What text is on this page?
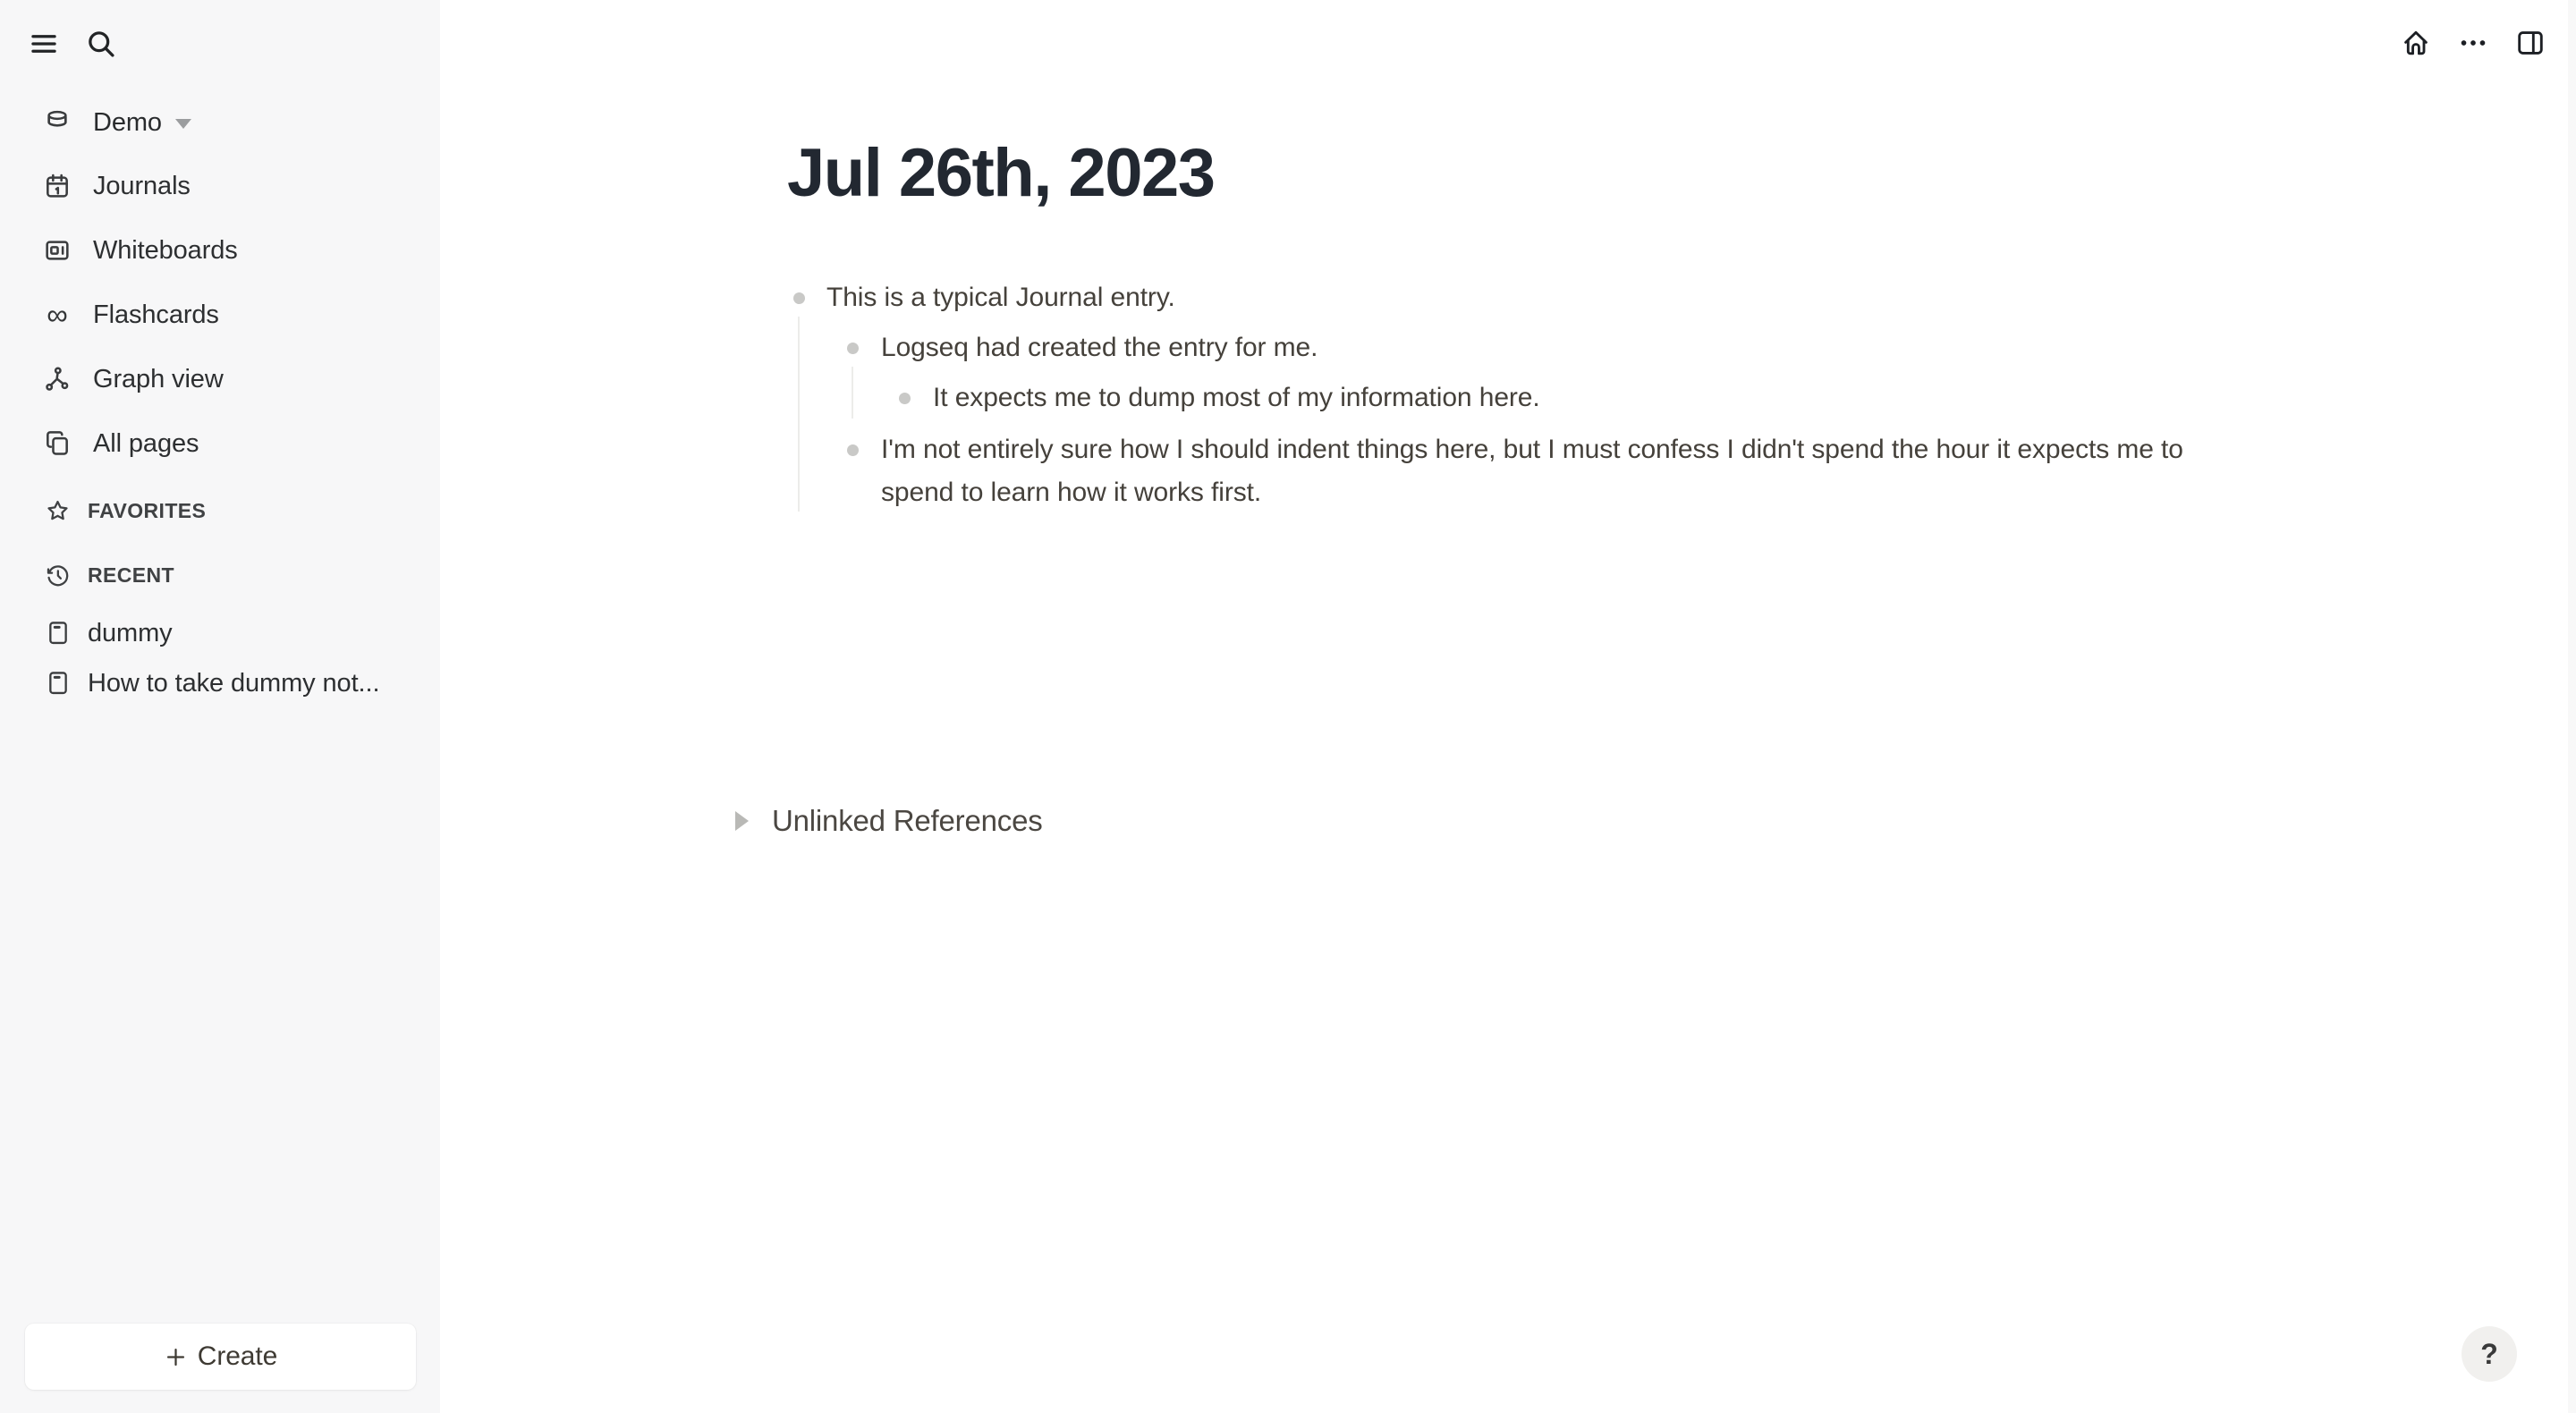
Demo
Journals
Whiteboards
∞ Flashcards
Graph view
All pages
FAVORITES
RECENT
dummy
How to take dummy not...
Create
Jul 26th, 2023
This is a typical Journal entry.
Logseq had created the entry for me.
It expects me to dump most of my information here.
I'm not entirely sure how I should indent things here, but I must confess I didn't spend the hour it expects me to spend to learn how it works first.
Unlinked References
?
